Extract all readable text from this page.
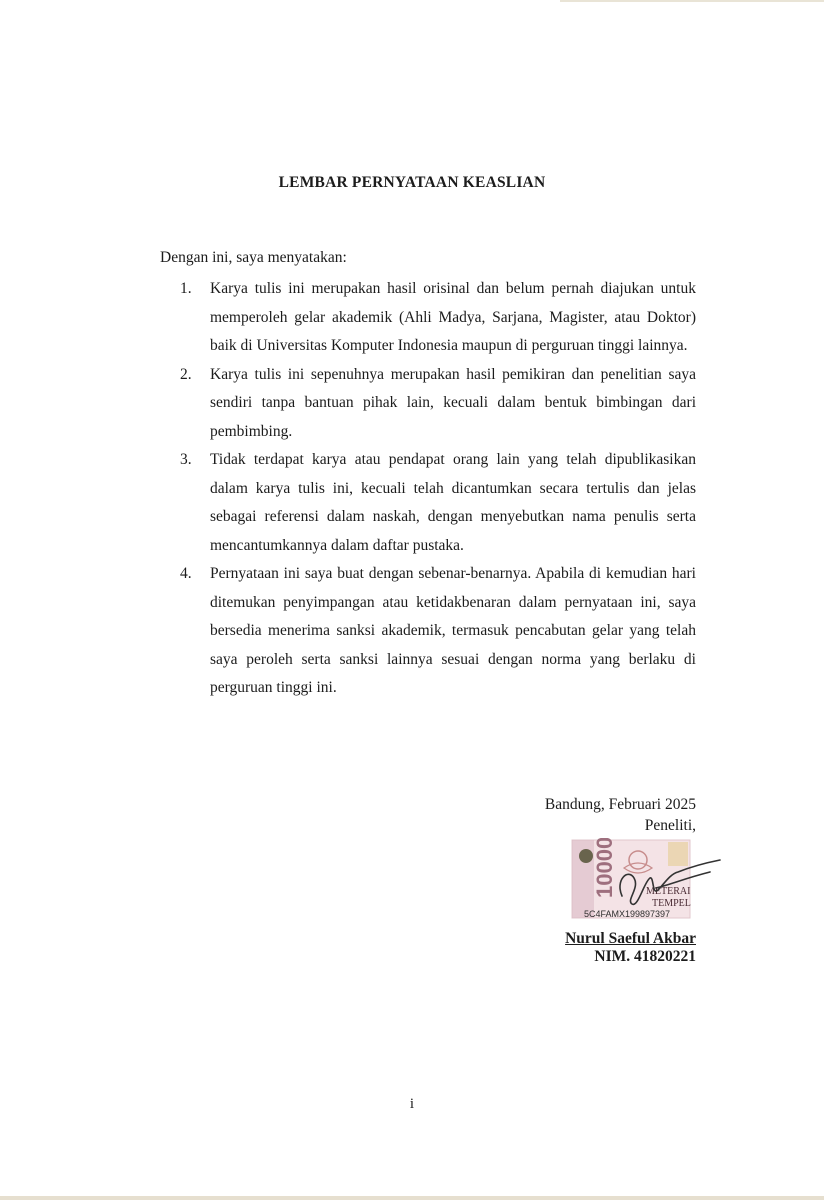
LEMBAR PERNYATAAN KEASLIAN
Dengan ini, saya menyatakan:
1. Karya tulis ini merupakan hasil orisinal dan belum pernah diajukan untuk memperoleh gelar akademik (Ahli Madya, Sarjana, Magister, atau Doktor) baik di Universitas Komputer Indonesia maupun di perguruan tinggi lainnya.
2. Karya tulis ini sepenuhnya merupakan hasil pemikiran dan penelitian saya sendiri tanpa bantuan pihak lain, kecuali dalam bentuk bimbingan dari pembimbing.
3. Tidak terdapat karya atau pendapat orang lain yang telah dipublikasikan dalam karya tulis ini, kecuali telah dicantumkan secara tertulis dan jelas sebagai referensi dalam naskah, dengan menyebutkan nama penulis serta mencantumkannya dalam daftar pustaka.
4. Pernyataan ini saya buat dengan sebenar-benarnya. Apabila di kemudian hari ditemukan penyimpangan atau ketidakbenaran dalam pernyataan ini, saya bersedia menerima sanksi akademik, termasuk pencabutan gelar yang telah saya peroleh serta sanksi lainnya sesuai dengan norma yang berlaku di perguruan tinggi ini.
Bandung, Februari 2025
Peneliti,
10000	METERAI
TEMPEL
5C4FAMX199897397
Nurul Saeful Akbar
NIM. 41820221
i
